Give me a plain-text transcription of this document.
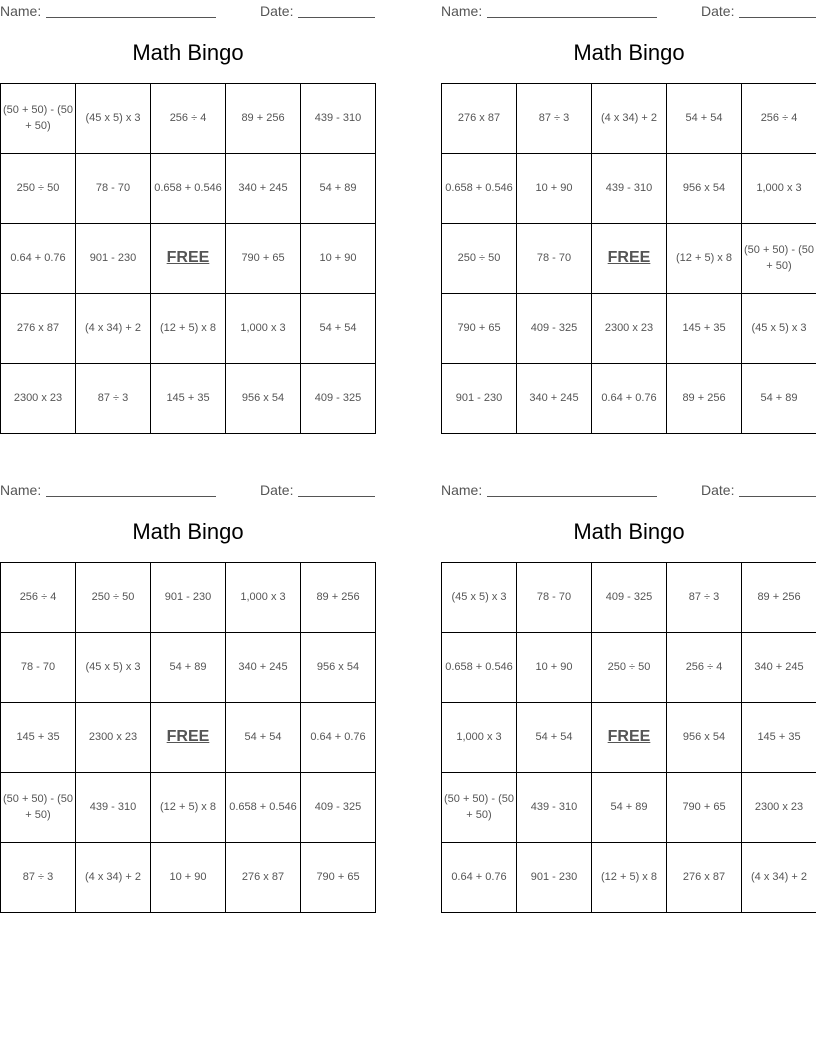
Name:	Date:
Math Bingo
(50 + 50) - (50 + 50)	(45 x 5) x 3	256 ÷ 4	89 + 256	439 - 310
250 ÷ 50	78 - 70	0.658 + 0.546	340 + 245	54 + 89
0.64 + 0.76	901 - 230	FREE	790 + 65	10 + 90
276 x 87	(4 x 34) + 2	(12 + 5) x 8	1,000 x 3	54 + 54
2300 x 23	87 ÷ 3	145 + 35	956 x 54	409 - 325
Name:	Date:
Math Bingo
276 x 87	87 ÷ 3	(4 x 34) + 2	54 + 54	256 ÷ 4
0.658 + 0.546	10 + 90	439 - 310	956 x 54	1,000 x 3
250 ÷ 50	78 - 70	FREE	(12 + 5) x 8	(50 + 50) - (50 + 50)
790 + 65	409 - 325	2300 x 23	145 + 35	(45 x 5) x 3
901 - 230	340 + 245	0.64 + 0.76	89 + 256	54 + 89
Name:	Date:
Math Bingo
256 ÷ 4	250 ÷ 50	901 - 230	1,000 x 3	89 + 256
78 - 70	(45 x 5) x 3	54 + 89	340 + 245	956 x 54
145 + 35	2300 x 23	FREE	54 + 54	0.64 + 0.76
(50 + 50) - (50 + 50)	439 - 310	(12 + 5) x 8	0.658 + 0.546	409 - 325
87 ÷ 3	(4 x 34) + 2	10 + 90	276 x 87	790 + 65
Name:	Date:
Math Bingo
(45 x 5) x 3	78 - 70	409 - 325	87 ÷ 3	89 + 256
0.658 + 0.546	10 + 90	250 ÷ 50	256 ÷ 4	340 + 245
1,000 x 3	54 + 54	FREE	956 x 54	145 + 35
(50 + 50) - (50 + 50)	439 - 310	54 + 89	790 + 65	2300 x 23
0.64 + 0.76	901 - 230	(12 + 5) x 8	276 x 87	(4 x 34) + 2
